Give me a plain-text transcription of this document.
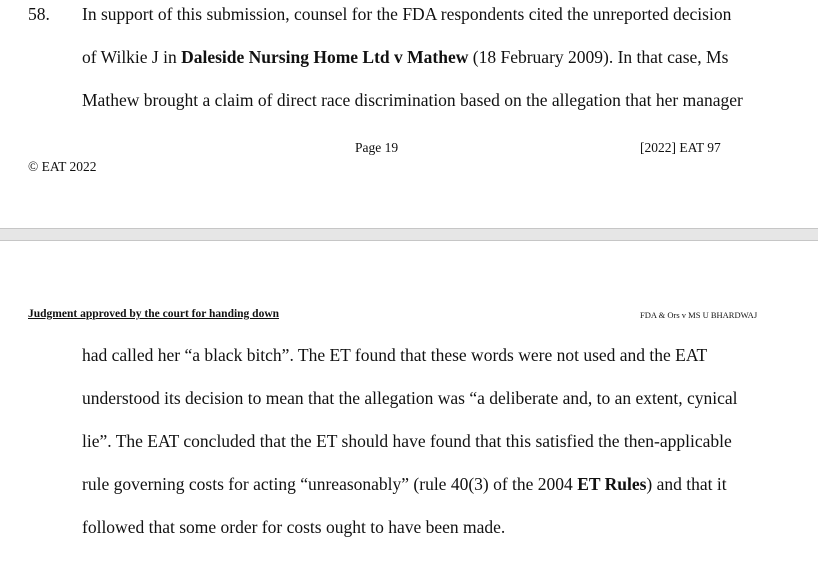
58. In support of this submission, counsel for the FDA respondents cited the unreported decision
of Wilkie J in Daleside Nursing Home Ltd v Mathew (18 February 2009). In that case, Ms
Mathew brought a claim of direct race discrimination based on the allegation that her manager
Page 19	[2022] EAT 97
© EAT 2022
Judgment approved by the court for handing down	FDA & Ors v MS U BHARDWAJ
had called her “a black bitch”. The ET found that these words were not used and the EAT
understood its decision to mean that the allegation was “a deliberate and, to an extent, cynical
lie”. The EAT concluded that the ET should have found that this satisfied the then-applicable
rule governing costs for acting “unreasonably” (rule 40(3) of the 2004 ET Rules) and that it
followed that some order for costs ought to have been made.
